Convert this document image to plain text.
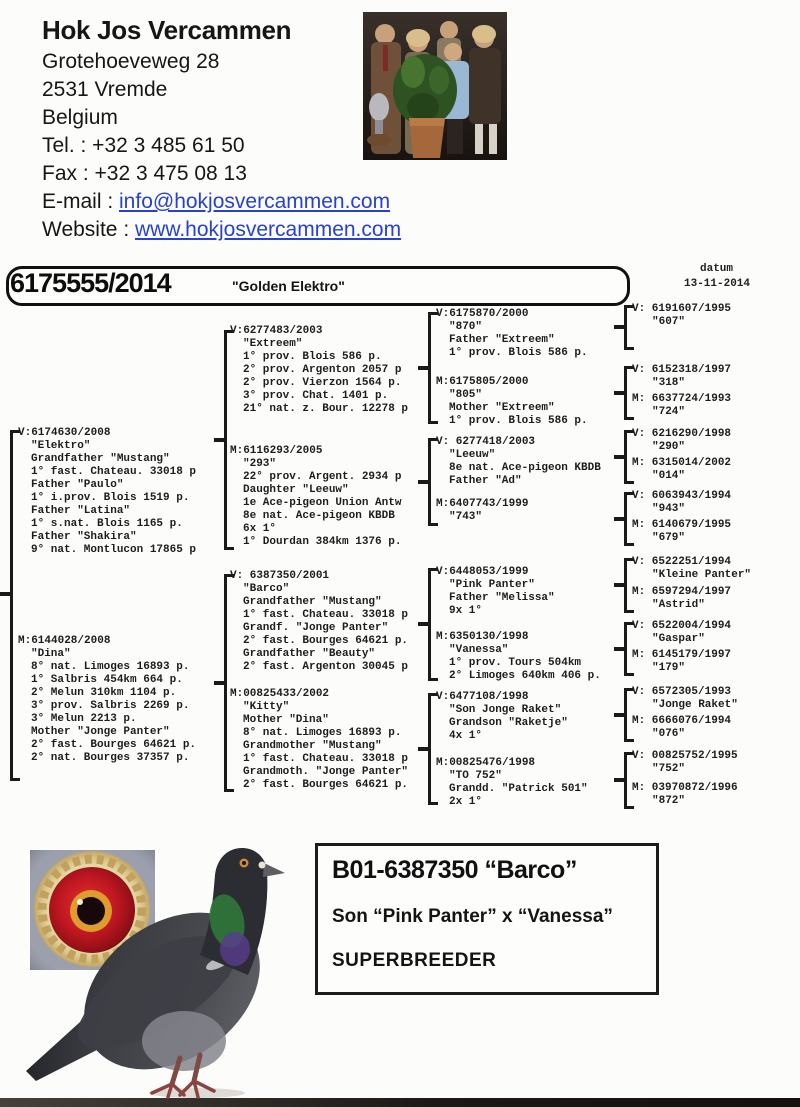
Hok Jos Vercammen
Grotehoeveweg 28
2531 Vremde
Belgium
Tel. : +32 3 485 61 50
Fax : +32 3 475 08 13
E-mail : info@hokjosvercammen.com
Website : www.hokjosvercammen.com
6175555/2014	"Golden Elektro"
datum
13-11-2014
V:6174630/2008
"Elektro"
Grandfather "Mustang"
1° fast. Chateau. 33018 p
Father "Paulo"
1° i.prov. Blois 1519 p.
Father "Latina"
1° s.nat. Blois 1165 p.
Father "Shakira"
9° nat. Montlucon 17865 p
M:6144028/2008
"Dina"
8° nat. Limoges 16893 p.
1° Salbris 454km 664 p.
2° Melun 310km 1104 p.
3° prov. Salbris 2269 p.
3° Melun 2213 p.
Mother "Jonge Panter"
2° fast. Bourges 64621 p.
2° nat. Bourges 37357 p.
V:6277483/2003
"Extreem"
1° prov. Blois 586 p.
2° prov. Argenton 2057 p
2° prov. Vierzon 1564 p.
3° prov. Chat. 1401 p.
21° nat. z. Bour. 12278 p
M:6116293/2005
"293"
22° prov. Argent. 2934 p
Daughter "Leeuw"
1e Ace-pigeon Union Antw
8e nat. Ace-pigeon KBDB
6x 1°
1° Dourdan 384km 1376 p.
V: 6387350/2001
"Barco"
Grandfather "Mustang"
1° fast. Chateau. 33018 p
Grandf. "Jonge Panter"
2° fast. Bourges 64621 p.
Grandfather "Beauty"
2° fast. Argenton 30045 p
M:00825433/2002
"Kitty"
Mother "Dina"
8° nat. Limoges 16893 p.
Grandmother "Mustang"
1° fast. Chateau. 33018 p
Grandmoth. "Jonge Panter"
2° fast. Bourges 64621 p.
V:6175870/2000
"870"
Father "Extreem"
1° prov. Blois 586 p.
M:6175805/2000
"805"
Mother "Extreem"
1° prov. Blois 586 p.
V: 6277418/2003
"Leeuw"
8e nat. Ace-pigeon KBDB
Father "Ad"
M:6407743/1999
"743"
V:6448053/1999
"Pink Panter"
Father "Melissa"
9x 1°
M:6350130/1998
"Vanessa"
1° prov. Tours 504km
2° Limoges 640km 406 p.
V:6477108/1998
"Son Jonge Raket"
Grandson "Raketje"
4x 1°
M:00825476/1998
"TO 752"
Grandd. "Patrick 501"
2x 1°
V: 6191607/1995
"607"
V: 6152318/1997
"318"
M: 6637724/1993
"724"
V: 6216290/1998
"290"
M: 6315014/2002
"014"
V: 6063943/1994
"943"
M: 6140679/1995
"679"
V: 6522251/1994
"Kleine Panter"
M: 6597294/1997
"Astrid"
V: 6522004/1994
"Gaspar"
M: 6145179/1997
"179"
V: 6572305/1993
"Jonge Raket"
M: 6666076/1994
"076"
V: 00825752/1995
"752"
M: 03970872/1996
"872"
B01-6387350 “Barco”
Son “Pink Panter” x “Vanessa”
SUPERBREEDER
